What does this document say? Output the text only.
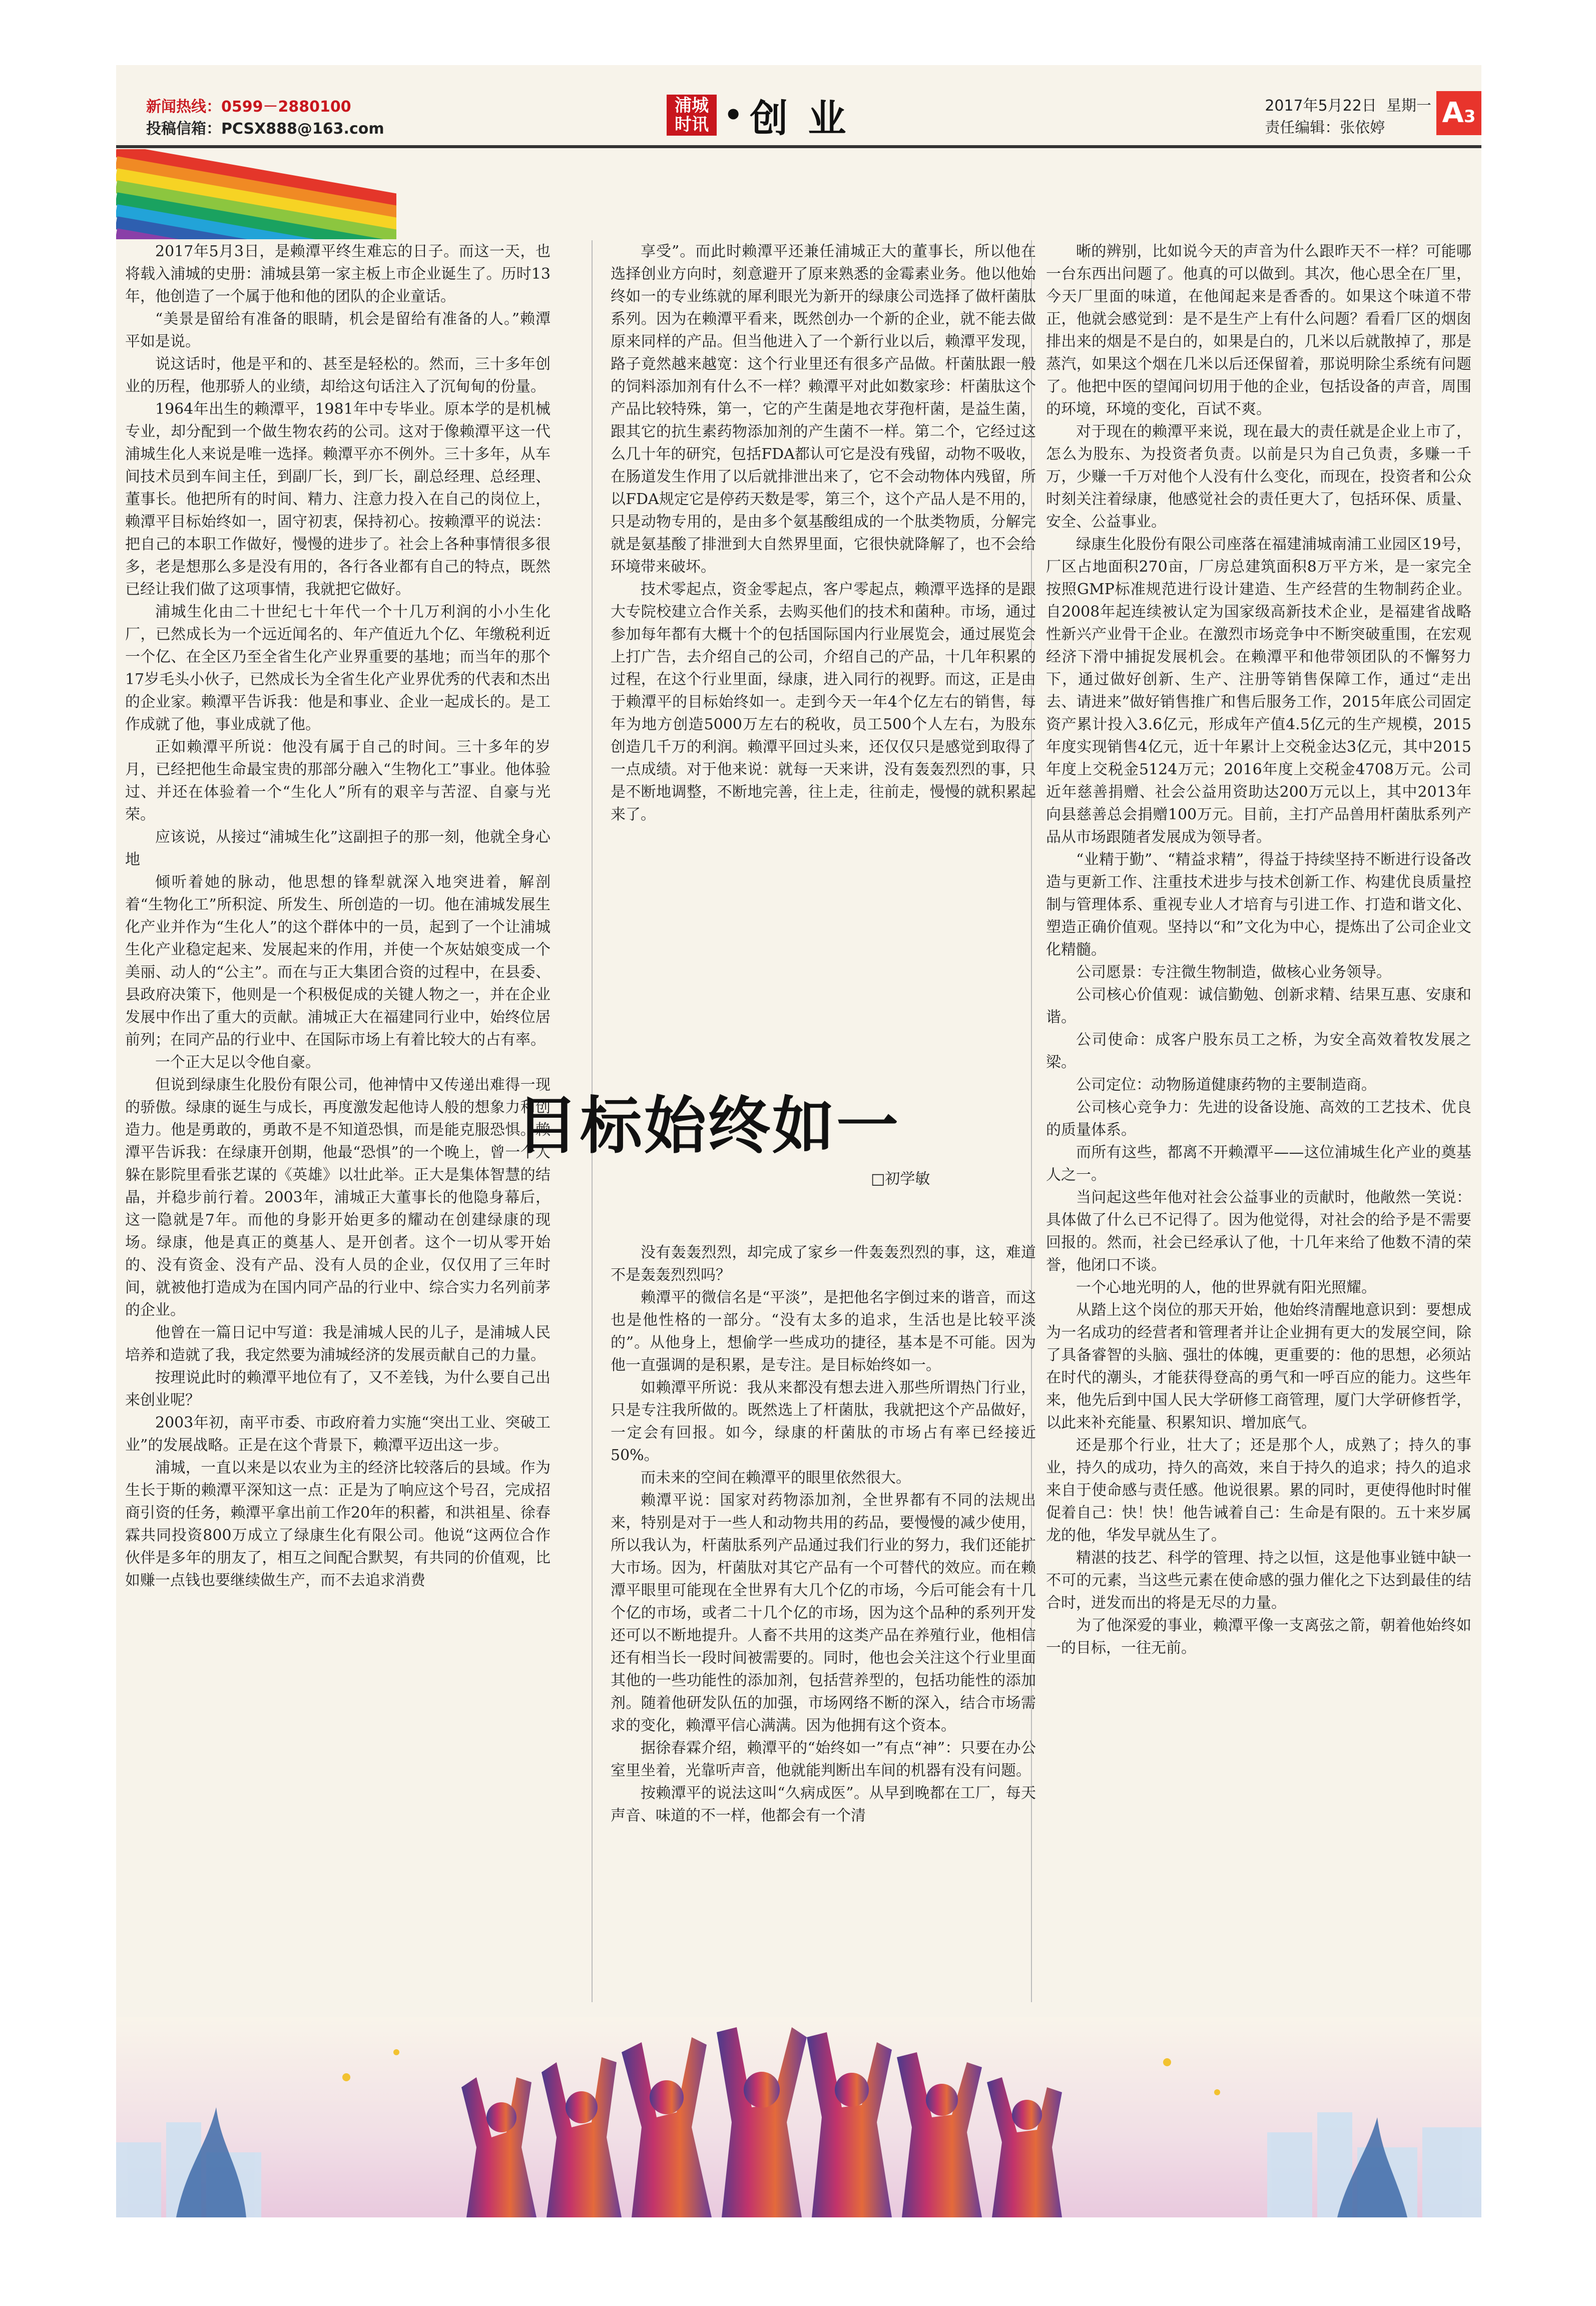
新闻热线：0599－2880100
投稿信箱：PCSX888@163.com
浦城
时讯 • 创业	2017年5月22日 星期一
责任编辑：张依婷	A3

2017年5月3日，是赖潭平终生难忘的日子。而这一天，也将载入浦城的史册：浦城县第一家主板上市企业诞生了。历时13年，他创造了一个属于他和他的团队的企业童话。

“美景是留给有准备的眼睛，机会是留给有准备的人。”赖潭平如是说。

说这话时，他是平和的、甚至是轻松的。然而，三十多年创业的历程，他那骄人的业绩，却给这句话注入了沉甸甸的份量。

1964年出生的赖潭平，1981年中专毕业。原本学的是机械专业，却分配到一个做生物农药的公司。这对于像赖潭平这一代浦城生化人来说是唯一选择。赖潭平亦不例外。三十多年，从车间技术员到车间主任，到副厂长，到厂长，副总经理、总经理、董事长。他把所有的时间、精力、注意力投入在自己的岗位上，赖潭平目标始终如一，固守初衷，保持初心。按赖潭平的说法：把自己的本职工作做好，慢慢的进步了。社会上各种事情很多很多，老是想那么多是没有用的，各行各业都有自己的特点，既然已经让我们做了这项事情，我就把它做好。

浦城生化由二十世纪七十年代一个十几万利润的小小生化厂，已然成长为一个远近闻名的、年产值近九个亿、年缴税利近一个亿、在全区乃至全省生化产业界重要的基地；而当年的那个17岁毛头小伙子，已然成长为全省生化产业界优秀的代表和杰出的企业家。赖潭平告诉我：他是和事业、企业一起成长的。是工作成就了他，事业成就了他。

正如赖潭平所说：他没有属于自己的时间。三十多年的岁月，已经把他生命最宝贵的那部分融入“生物化工”事业。他体验过、并还在体验着一个“生化人”所有的艰辛与苦涩、自豪与光荣。

应该说，从接过“浦城生化”这副担子的那一刻，他就全身心地

倾听着她的脉动，他思想的锋犁就深入地突进着，解剖着“生物化工”所积淀、所发生、所创造的一切。他在浦城发展生化产业并作为“生化人”的这个群体中的一员，起到了一个让浦城生化产业稳定起来、发展起来的作用，并使一个灰姑娘变成一个美丽、动人的“公主”。而在与正大集团合资的过程中，在县委、县政府决策下，他则是一个积极促成的关键人物之一，并在企业发展中作出了重大的贡献。浦城正大在福建同行业中，始终位居前列；在同产品的行业中、在国际市场上有着比较大的占有率。

一个正大足以令他自豪。

但说到绿康生化股份有限公司，他神情中又传递出难得一现的骄傲。绿康的诞生与成长，再度激发起他诗人般的想象力和创造力。他是勇敢的，勇敢不是不知道恐惧，而是能克服恐惧。赖潭平告诉我：在绿康开创期，他最“恐惧”的一个晚上，曾一个人躲在影院里看张艺谋的《英雄》以壮此举。正大是集体智慧的结晶，并稳步前行着。2003年，浦城正大董事长的他隐身幕后，这一隐就是7年。而他的身影开始更多的耀动在创建绿康的现场。绿康，他是真正的奠基人、是开创者。这个一切从零开始的、没有资金、没有产品、没有人员的企业，仅仅用了三年时间，就被他打造成为在国内同产品的行业中、综合实力名列前茅的企业。

他曾在一篇日记中写道：我是浦城人民的儿子，是浦城人民培养和造就了我，我定然要为浦城经济的发展贡献自己的力量。

按理说此时的赖潭平地位有了，又不差钱，为什么要自己出来创业呢？

2003年初，南平市委、市政府着力实施“突出工业、突破工业”的发展战略。正是在这个背景下，赖潭平迈出这一步。

浦城，一直以来是以农业为主的经济比较落后的县域。作为生长于斯的赖潭平深知这一点：正是为了响应这个号召，完成招商引资的任务，赖潭平拿出前工作20年的积蓄，和洪祖星、徐春霖共同投资800万成立了绿康生化有限公司。他说“这两位合作伙伴是多年的朋友了，相互之间配合默契，有共同的价值观，比如赚一点钱也要继续做生产，而不去追求消费

享受”。而此时赖潭平还兼任浦城正大的董事长，所以他在选择创业方向时，刻意避开了原来熟悉的金霉素业务。他以他始终如一的专业练就的犀利眼光为新开的绿康公司选择了做杆菌肽系列。因为在赖潭平看来，既然创办一个新的企业，就不能去做原来同样的产品。但当他进入了一个新行业以后，赖潭平发现，路子竟然越来越宽：这个行业里还有很多产品做。杆菌肽跟一般的饲料添加剂有什么不一样？赖潭平对此如数家珍：杆菌肽这个产品比较特殊，第一，它的产生菌是地衣芽孢杆菌，是益生菌，跟其它的抗生素药物添加剂的产生菌不一样。第二个，它经过这么几十年的研究，包括FDA都认可它是没有残留，动物不吸收，在肠道发生作用了以后就排泄出来了，它不会动物体内残留，所以FDA规定它是停药天数是零，第三个，这个产品人是不用的，只是动物专用的，是由多个氨基酸组成的一个肽类物质，分解完就是氨基酸了排泄到大自然界里面，它很快就降解了，也不会给环境带来破坏。

技术零起点，资金零起点，客户零起点，赖潭平选择的是跟大专院校建立合作关系，去购买他们的技术和菌种。市场，通过参加每年都有大概十个的包括国际国内行业展览会，通过展览会上打广告，去介绍自己的公司，介绍自己的产品，十几年积累的过程，在这个行业里面，绿康，进入同行的视野。而这，正是由于赖潭平的目标始终如一。走到今天一年4个亿左右的销售，每年为地方创造5000万左右的税收，员工500个人左右，为股东创造几千万的利润。赖潭平回过头来，还仅仅只是感觉到取得了一点成绩。对于他来说：就每一天来讲，没有轰轰烈烈的事，只是不断地调整，不断地完善，往上走，往前走，慢慢的就积累起来了。

没有轰轰烈烈，却完成了家乡一件轰轰烈烈的事，这，难道不是轰轰烈烈吗？

赖潭平的微信名是“平淡”，是把他名字倒过来的谐音，而这也是他性格的一部分。“没有太多的追求，生活也是比较平淡的”。从他身上，想偷学一些成功的捷径，基本是不可能。因为他一直强调的是积累，是专注。是目标始终如一。

如赖潭平所说：我从来都没有想去进入那些所谓热门行业，只是专注我所做的。既然选上了杆菌肽，我就把这个产品做好，一定会有回报。如今，绿康的杆菌肽的市场占有率已经接近50%。

而未来的空间在赖潭平的眼里依然很大。

赖潭平说：国家对药物添加剂，全世界都有不同的法规出来，特别是对于一些人和动物共用的药品，要慢慢的减少使用，所以我认为，杆菌肽系列产品通过我们行业的努力，我们还能扩大市场。因为，杆菌肽对其它产品有一个可替代的效应。而在赖潭平眼里可能现在全世界有大几个亿的市场，今后可能会有十几个亿的市场，或者二十几个亿的市场，因为这个品种的系列开发还可以不断地提升。人畜不共用的这类产品在养殖行业，他相信还有相当长一段时间被需要的。同时，他也会关注这个行业里面其他的一些功能性的添加剂，包括营养型的，包括功能性的添加剂。随着他研发队伍的加强，市场网络不断的深入，结合市场需求的变化，赖潭平信心满满。因为他拥有这个资本。

据徐春霖介绍，赖潭平的“始终如一”有点“神”：只要在办公室里坐着，光靠听声音，他就能判断出车间的机器有没有问题。

按赖潭平的说法这叫“久病成医”。从早到晚都在工厂，每天声音、味道的不一样，他都会有一个清

晰的辨别，比如说今天的声音为什么跟昨天不一样？可能哪一台东西出问题了。他真的可以做到。其次，他心思全在厂里，今天厂里面的味道，在他闻起来是香香的。如果这个味道不带正，他就会感觉到：是不是生产上有什么问题？看看厂区的烟囱排出来的烟是不是白的，如果是白的，几米以后就散掉了，那是蒸汽，如果这个烟在几米以后还保留着，那说明除尘系统有问题了。他把中医的望闻问切用于他的企业，包括设备的声音，周围的环境，环境的变化，百试不爽。

对于现在的赖潭平来说，现在最大的责任就是企业上市了，怎么为股东、为投资者负责。以前是只为自己负责，多赚一千万，少赚一千万对他个人没有什么变化，而现在，投资者和公众时刻关注着绿康，他感觉社会的责任更大了，包括环保、质量、安全、公益事业。

绿康生化股份有限公司座落在福建浦城南浦工业园区19号，厂区占地面积270亩，厂房总建筑面积8万平方米，是一家完全按照GMP标准规范进行设计建造、生产经营的生物制药企业。自2008年起连续被认定为国家级高新技术企业，是福建省战略性新兴产业骨干企业。在激烈市场竞争中不断突破重围，在宏观经济下滑中捕捉发展机会。在赖潭平和他带领团队的不懈努力下，通过做好创新、生产、注册等销售保障工作，通过“走出去、请进来”做好销售推广和售后服务工作，2015年底公司固定资产累计投入3.6亿元，形成年产值4.5亿元的生产规模，2015年度实现销售4亿元，近十年累计上交税金达3亿元，其中2015年度上交税金5124万元；2016年度上交税金4708万元。公司近年慈善捐赠、社会公益用资助达200万元以上，其中2013年向县慈善总会捐赠100万元。目前，主打产品兽用杆菌肽系列产品从市场跟随者发展成为领导者。

“业精于勤”、“精益求精”，得益于持续坚持不断进行设备改造与更新工作、注重技术进步与技术创新工作、构建优良质量控制与管理体系、重视专业人才培育与引进工作、打造和谐文化、塑造正确价值观。坚持以“和”文化为中心，提炼出了公司企业文化精髓。

公司愿景：专注微生物制造，做核心业务领导。

公司核心价值观：诚信勤勉、创新求精、结果互惠、安康和谐。

公司使命：成客户股东员工之桥，为安全高效着牧发展之梁。

公司定位：动物肠道健康药物的主要制造商。

公司核心竞争力：先进的设备设施、高效的工艺技术、优良的质量体系。

而所有这些，都离不开赖潭平——这位浦城生化产业的奠基人之一。

当问起这些年他对社会公益事业的贡献时，他敞然一笑说：具体做了什么已不记得了。因为他觉得，对社会的给予是不需要回报的。然而，社会已经承认了他，十几年来给了他数不清的荣誉，他闭口不谈。

一个心地光明的人，他的世界就有阳光照耀。

从踏上这个岗位的那天开始，他始终清醒地意识到：要想成为一名成功的经营者和管理者并让企业拥有更大的发展空间，除了具备睿智的头脑、强壮的体魄，更重要的：他的思想，必须站在时代的潮头，才能获得登高的勇气和一呼百应的能力。这些年来，他先后到中国人民大学研修工商管理，厦门大学研修哲学，以此来补充能量、积累知识、增加底气。

还是那个行业，壮大了；还是那个人，成熟了；持久的事业，持久的成功，持久的高效，来自于持久的追求；持久的追求来自于使命感与责任感。他说很累。累的同时，更使得他时时催促着自己：快！快！他告诫着自己：生命是有限的。五十来岁属龙的他，华发早就丛生了。

精湛的技艺、科学的管理、持之以恒，这是他事业链中缺一不可的元素，当这些元素在使命感的强力催化之下达到最佳的结合时，迸发而出的将是无尽的力量。

为了他深爱的事业，赖潭平像一支离弦之箭，朝着他始终如一的目标，一往无前。

目标始终如一
□初学敏
